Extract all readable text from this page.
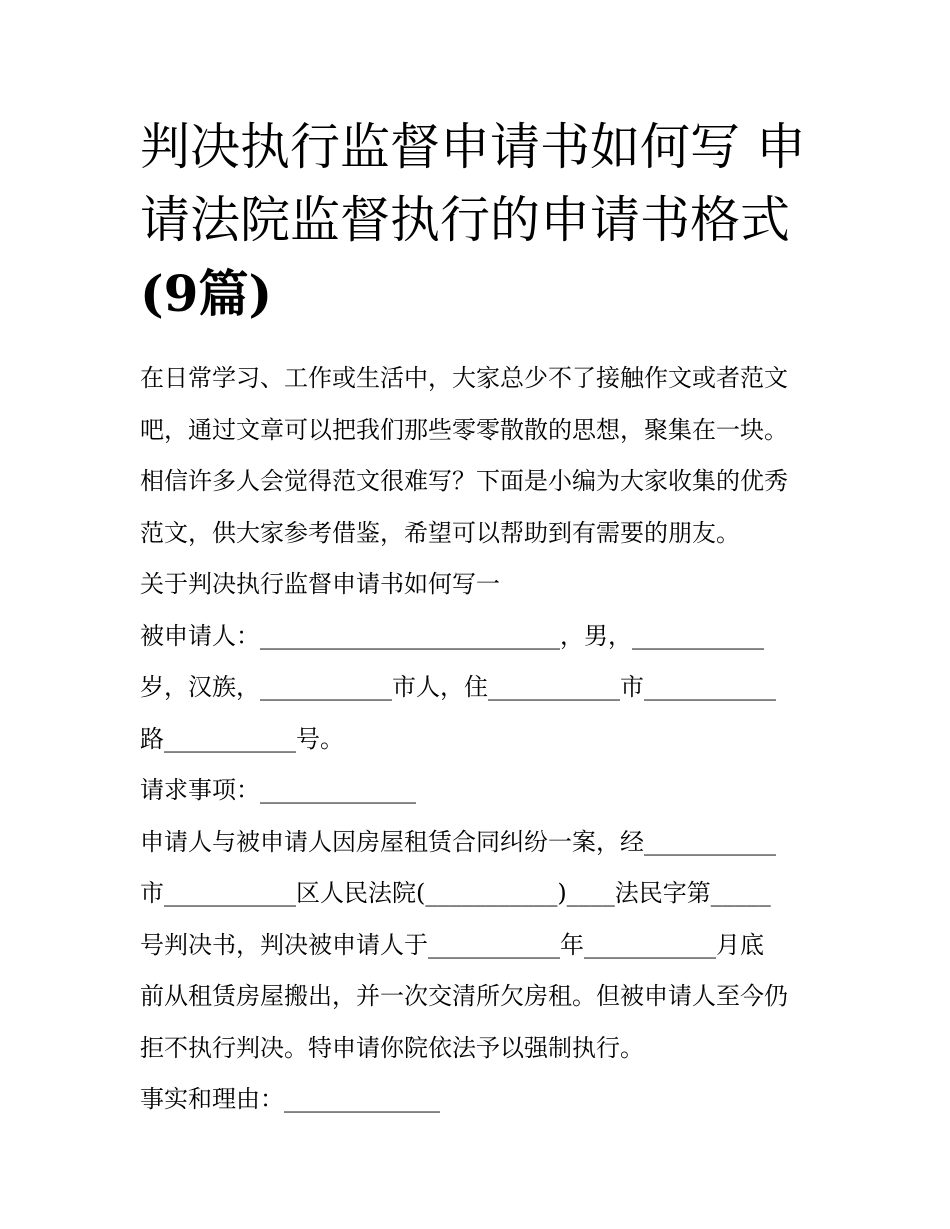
判决执行监督申请书如何写 申
请法院监督执行的申请书格式
(9篇)
在日常学习、工作或生活中，大家总少不了接触作文或者范文
吧，通过文章可以把我们那些零零散散的思想，聚集在一块。
相信许多人会觉得范文很难写？下面是小编为大家收集的优秀
范文，供大家参考借鉴，希望可以帮助到有需要的朋友。
关于判决执行监督申请书如何写一
被申请人：_________________________，男，___________
岁，汉族，___________市人，住___________市___________
路___________号。
请求事项：_____________
申请人与被申请人因房屋租赁合同纠纷一案，经___________
市___________区人民法院(___________)____法民字第_____
号判决书，判决被申请人于___________年___________月底
前从租赁房屋搬出，并一次交清所欠房租。但被申请人至今仍
拒不执行判决。特申请你院依法予以强制执行。
事实和理由：_____________
